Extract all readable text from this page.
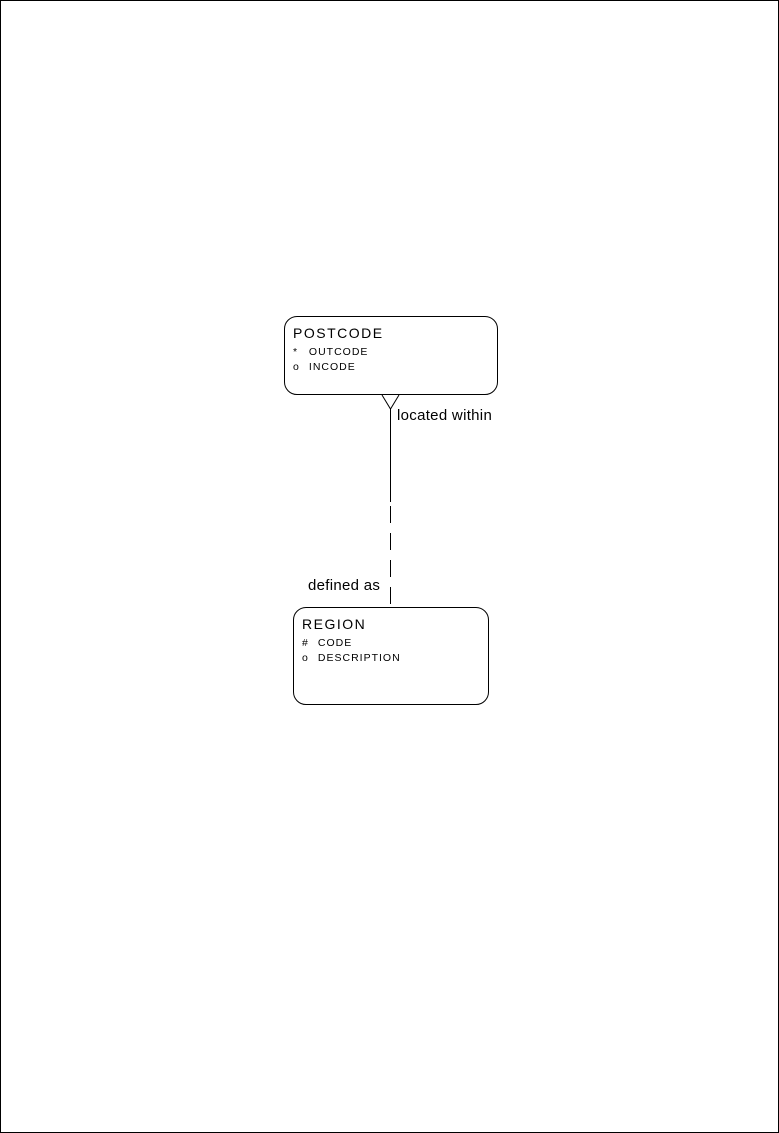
POSTCODE
* OUTCODE
o INCODE
REGION
# CODE
o DESCRIPTION
located within
defined as
